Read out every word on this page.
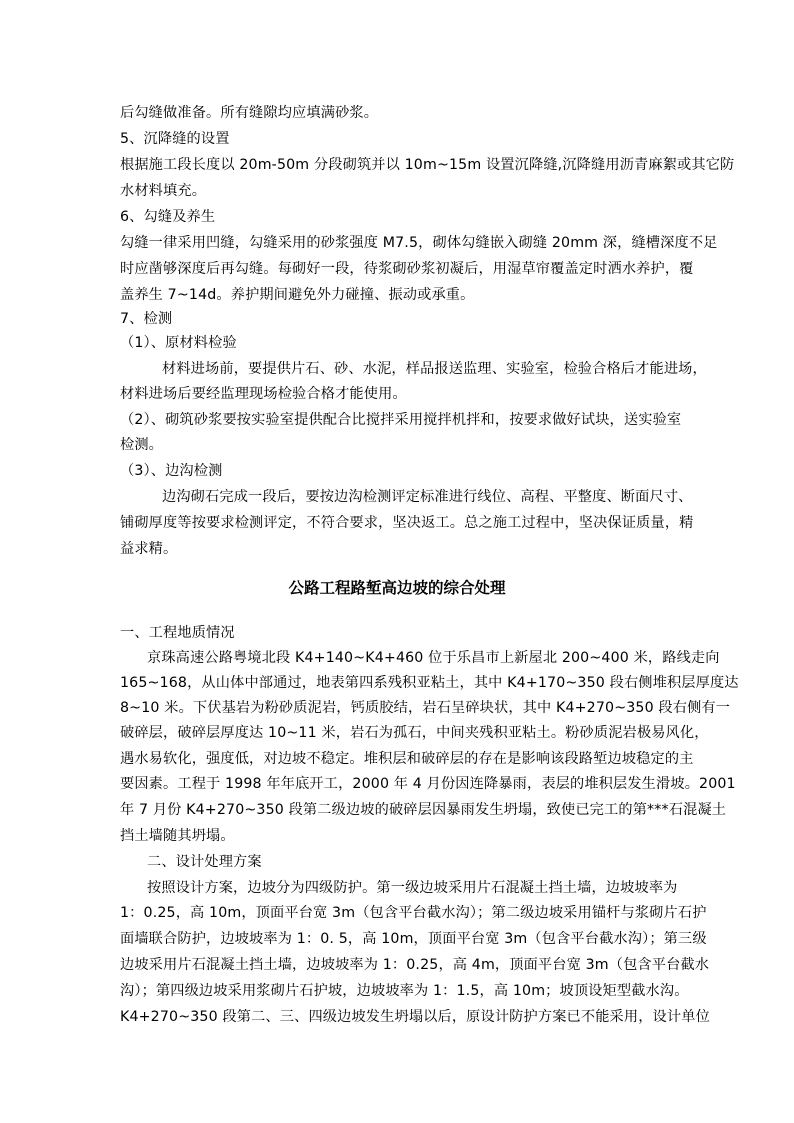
后勾缝做准备。所有缝隙均应填满砂浆。
5、沉降缝的设置
根据施工段长度以 20m-50m 分段砌筑并以 10m~15m 设置沉降缝,沉降缝用沥青麻絮或其它防
水材料填充。
6、勾缝及养生
勾缝一律采用凹缝，勾缝采用的砂浆强度 M7.5，砌体勾缝嵌入砌缝 20mm 深，缝槽深度不足
时应凿够深度后再勾缝。每砌好一段，待浆砌砂浆初凝后，用湿草帘覆盖定时洒水养护，覆
盖养生 7~14d。养护期间避免外力碰撞、振动或承重。
7、检测
（1）、原材料检验
材料进场前，要提供片石、砂、水泥，样品报送监理、实验室，检验合格后才能进场，
材料进场后要经监理现场检验合格才能使用。
（2）、砌筑砂浆要按实验室提供配合比搅拌采用搅拌机拌和，按要求做好试块，送实验室
检测。
（3）、边沟检测
边沟砌石完成一段后，要按边沟检测评定标准进行线位、高程、平整度、断面尺寸、
铺砌厚度等按要求检测评定，不符合要求，坚决返工。总之施工过程中，坚决保证质量，精
益求精。
公路工程路堑高边坡的综合处理
一、工程地质情况
京珠高速公路粤境北段 K4+140~K4+460 位于乐昌市上新屋北 200~400 米，路线走向
165~168，从山体中部通过，地表第四系残积亚粘土，其中 K4+170~350 段右侧堆积层厚度达
8~10 米。下伏基岩为粉砂质泥岩，钙质胶结，岩石呈碎块状，其中 K4+270~350 段右侧有一
破碎层，破碎层厚度达 10~11 米，岩石为孤石，中间夹残积亚粘土。粉砂质泥岩极易风化，
遇水易软化，强度低，对边坡不稳定。堆积层和破碎层的存在是影响该段路堑边坡稳定的主
要因素。工程于 1998 年年底开工，2000 年 4 月份因连降暴雨，表层的堆积层发生滑坡。2001
年 7 月份 K4+270~350 段第二级边坡的破碎层因暴雨发生坍塌，致使已完工的第***石混凝土
挡土墙随其坍塌。
二、设计处理方案
按照设计方案，边坡分为四级防护。第一级边坡采用片石混凝土挡土墙，边坡坡率为
1：0.25，高 10m，顶面平台宽 3m（包含平台截水沟）；第二级边坡采用锚杆与浆砌片石护
面墙联合防护，边坡坡率为 1：0. 5，高 10m，顶面平台宽 3m（包含平台截水沟）；第三级
边坡采用片石混凝土挡土墙，边坡坡率为 1：0.25，高 4m，顶面平台宽 3m（包含平台截水
沟）；第四级边坡采用浆砌片石护坡，边坡坡率为 1：1.5，高 10m；坡顶设矩型截水沟。
K4+270~350 段第二、三、四级边坡发生坍塌以后，原设计防护方案已不能采用，设计单位
